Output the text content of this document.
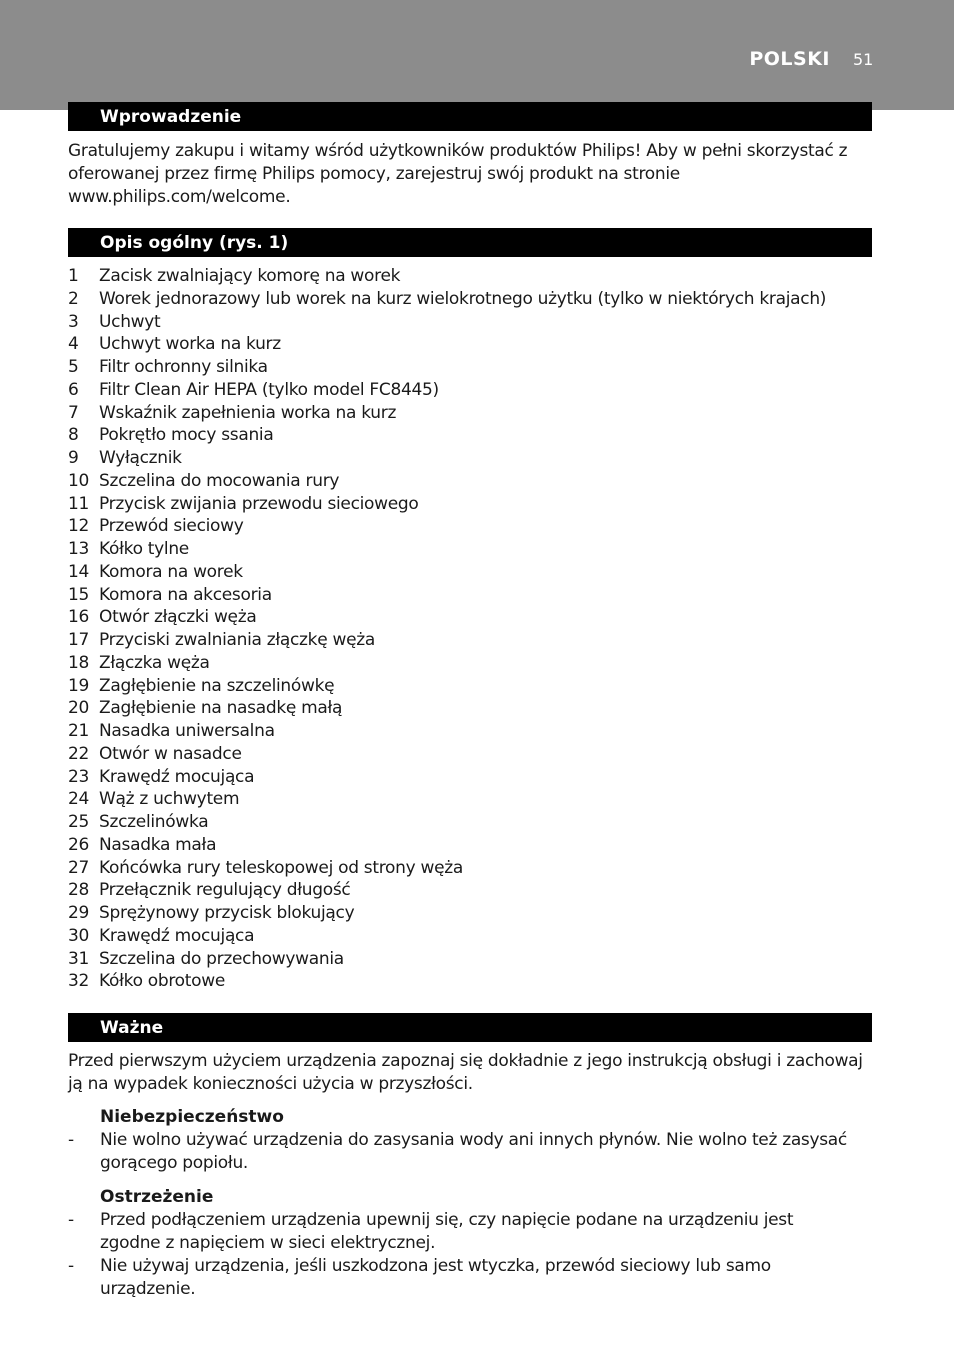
POLSKI 51
Wprowadzenie

Gratulujemy zakupu i witamy wśród użytkowników produktów Philips! Aby w pełni skorzystać z oferowanej przez firmę Philips pomocy, zarejestruj swój produkt na stronie www.philips.com/welcome.

Opis ogólny (rys. 1)
1	Zacisk zwalniający komorę na worek
2	Worek jednorazowy lub worek na kurz wielokrotnego użytku (tylko w niektórych krajach)
3	Uchwyt
4	Uchwyt worka na kurz
5	Filtr ochronny silnika
6	Filtr Clean Air HEPA (tylko model FC8445)
7	Wskaźnik zapełnienia worka na kurz
8	Pokrętło mocy ssania
9	Wyłącznik
10 Szczelina do mocowania rury
11 Przycisk zwijania przewodu sieciowego
12 Przewód sieciowy
13 Kółko tylne
14 Komora na worek
15 Komora na akcesoria
16 Otwór złączki węża
17 Przyciski zwalniania złączkę węża
18 Złączka węża
19 Zagłębienie na szczelinówkę
20 Zagłębienie na nasadkę małą
21 Nasadka uniwersalna
22 Otwór w nasadce
23 Krawędź mocująca
24 Wąż z uchwytem
25 Szczelinówka
26 Nasadka mała
27 Końcówka rury teleskopowej od strony węża
28 Przełącznik regulujący długość
29 Sprężynowy przycisk blokujący
30 Krawędź mocująca
31 Szczelina do przechowywania
32 Kółko obrotowe
Ważne

Przed pierwszym użyciem urządzenia zapoznaj się dokładnie z jego instrukcją obsługi i zachowaj ją na wypadek konieczności użycia w przyszłości.

Niebezpieczeństwo
-	Nie wolno używać urządzenia do zasysania wody ani innych płynów. Nie wolno też zasysać gorącego popiołu.
Ostrzeżenie
-	Przed podłączeniem urządzenia upewnij się, czy napięcie podane na urządzeniu jest zgodne z napięciem w sieci elektrycznej.
-	Nie używaj urządzenia, jeśli uszkodzona jest wtyczka, przewód sieciowy lub samo urządzenie.
